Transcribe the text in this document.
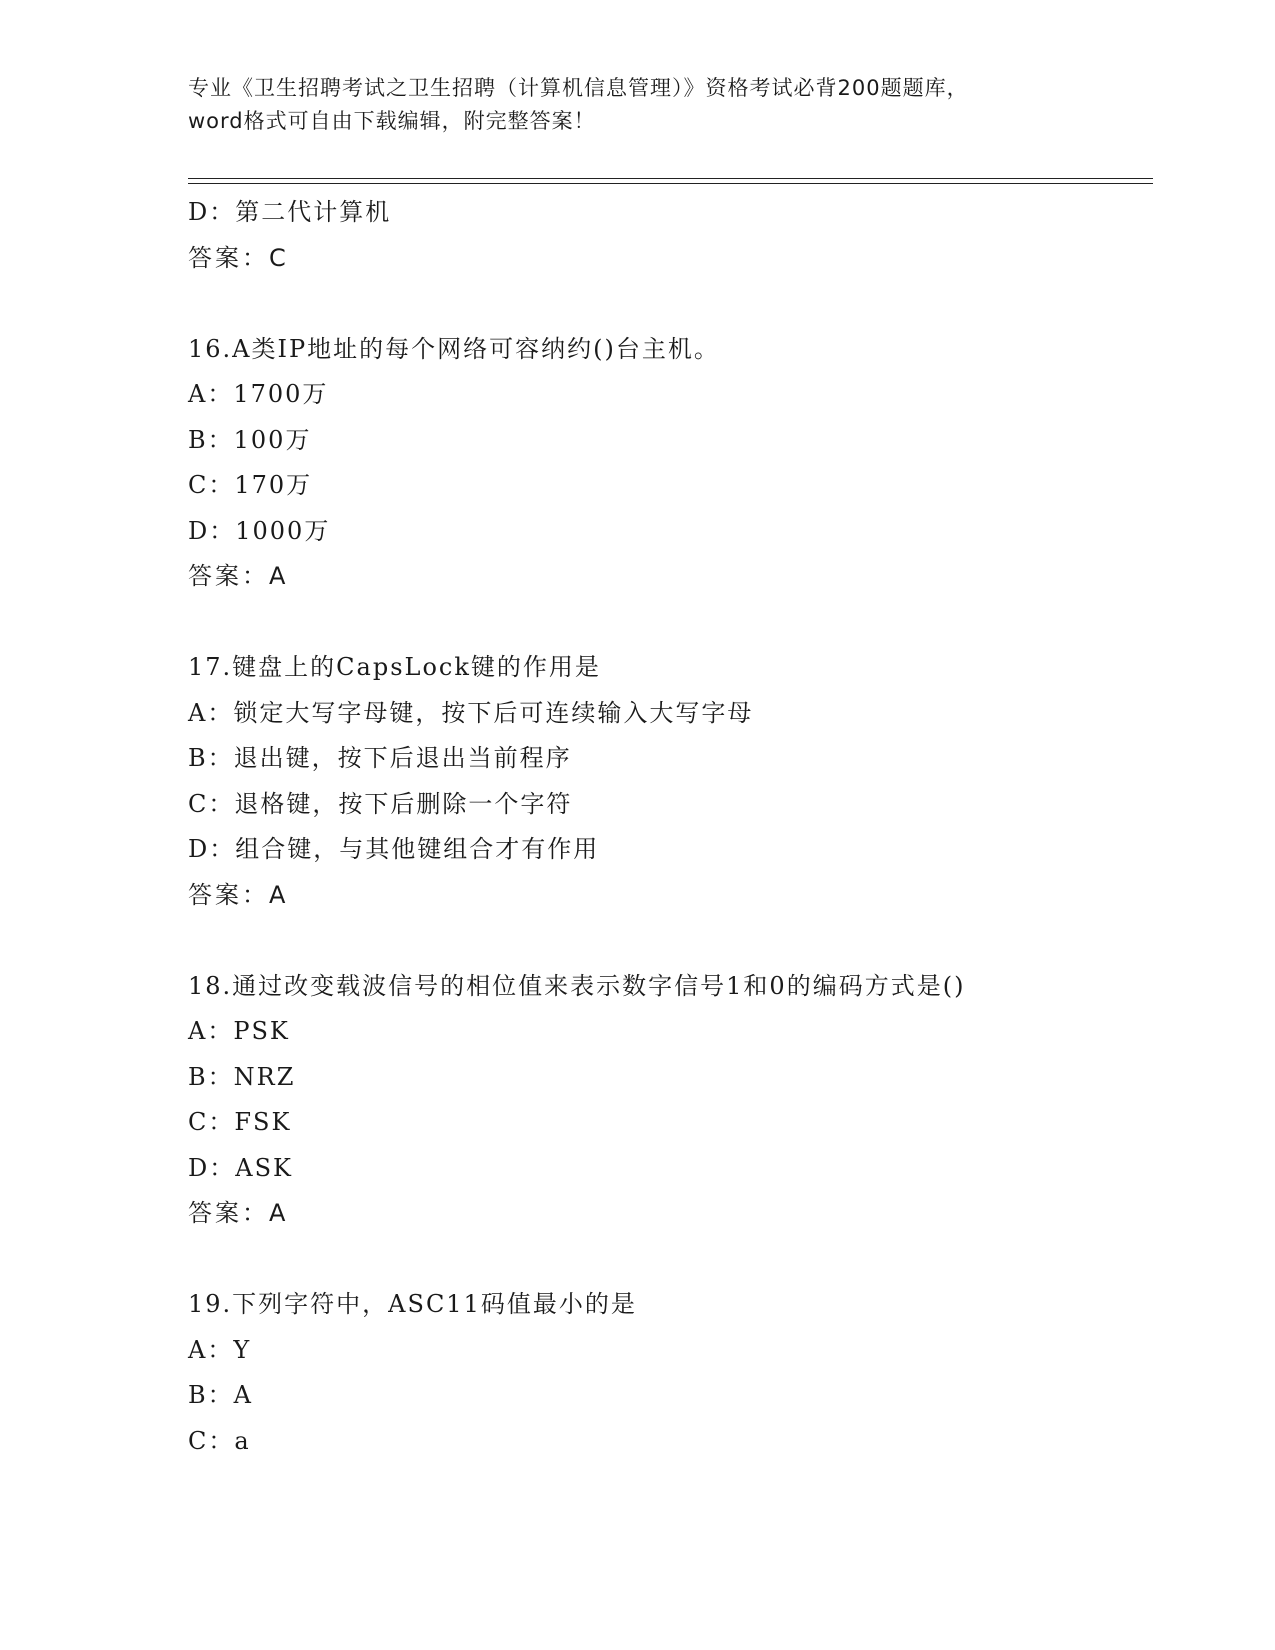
专业《卫生招聘考试之卫生招聘（计算机信息管理）》资格考试必背200题题库，
word格式可自由下载编辑，附完整答案！
D：第二代计算机
答案：C
16.A类IP地址的每个网络可容纳约()台主机。
A：1700万
B：100万
C：170万
D：1000万
答案：A
17.键盘上的CapsLock键的作用是
A：锁定大写字母键，按下后可连续输入大写字母
B：退出键，按下后退出当前程序
C：退格键，按下后删除一个字符
D：组合键，与其他键组合才有作用
答案：A
18.通过改变载波信号的相位值来表示数字信号1和0的编码方式是()
A：PSK
B：NRZ
C：FSK
D：ASK
答案：A
19.下列字符中，ASC11码值最小的是
A：Y
B：A
C：a
